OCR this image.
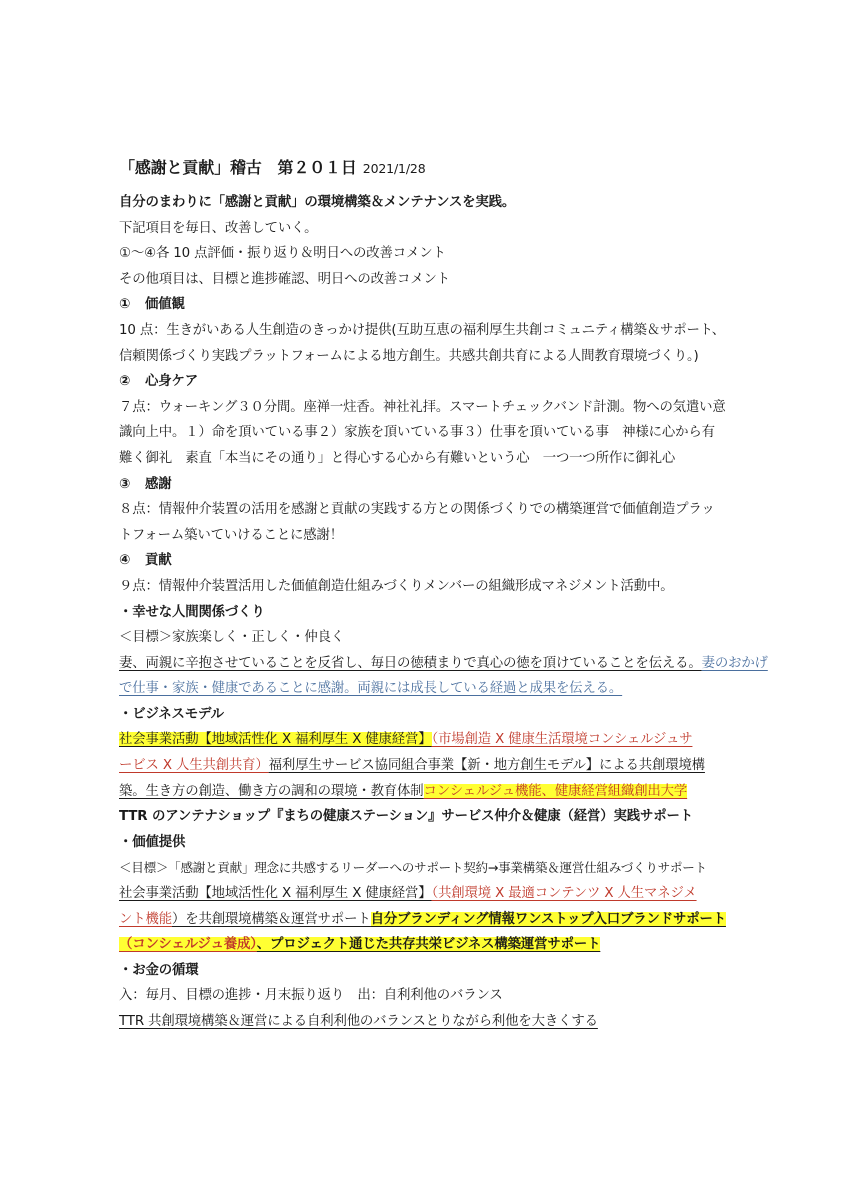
「感謝と貢献」稽古　第２０１日 2021/1/28
自分のまわりに「感謝と貢献」の環境構築＆メンテナンスを実践。
下記項目を毎日、改善していく。
①～④各 10 点評価・振り返り＆明日への改善コメント
その他項目は、目標と進捗確認、明日への改善コメント
① 価値観
10 点：生きがいある人生創造のきっかけ提供(互助互恵の福利厚生共創コミュニティ構築＆サポート、
信頼関係づくり実践プラットフォームによる地方創生。共感共創共育による人間教育環境づくり。)
② 心身ケア
７点：ウォーキング３０分間。座禅一炷香。神社礼拝。スマートチェックバンド計測。物への気遣い意
識向上中。１）命を頂いている事２）家族を頂いている事３）仕事を頂いている事　神様に心から有
難く御礼　素直「本当にその通り」と得心する心から有難いという心　一つ一つ所作に御礼心
③ 感謝
８点：情報仲介装置の活用を感謝と貢献の実践する方との関係づくりでの構築運営で価値創造プラッ
トフォーム築いていけることに感謝！
④ 貢献
９点：情報仲介装置活用した価値創造仕組みづくりメンバーの組織形成マネジメント活動中。
・幸せな人間関係づくり
＜目標＞家族楽しく・正しく・仲良く
妻、両親に辛抱させていることを反省し、毎日の徳積まりで真心の徳を頂けていることを伝える。妻のおかげ
で仕事・家族・健康であることに感謝。両親には成長している経過と成果を伝える。
・ビジネスモデル
社会事業活動【地域活性化 X 福利厚生 X 健康経営】（市場創造 X 健康生活環境コンシェルジュサ
ービス X 人生共創共育）福利厚生サービス協同組合事業【新・地方創生モデル】による共創環境構
築。生き方の創造、働き方の調和の環境・教育体制コンシェルジュ機能、健康経営組織創出大学
TTR のアンテナショップ『まちの健康ステーション』サービス仲介＆健康（経営）実践サポート
・価値提供
＜目標＞「感謝と貢献」理念に共感するリーダーへのサポート契約→事業構築＆運営仕組みづくりサポート
社会事業活動【地域活性化 X 福利厚生 X 健康経営】（共創環境 X 最適コンテンツ X 人生マネジメ
ント機能）を共創環境構築＆運営サポート自分ブランディング情報ワンストップ入口ブランドサポート
（コンシェルジュ養成）、プロジェクト通じた共存共栄ビジネス構築運営サポート
・お金の循環
入：毎月、目標の進捗・月末振り返り　出：自利利他のバランス
TTR 共創環境構築＆運営による自利利他のバランスとりながら利他を大きくする
